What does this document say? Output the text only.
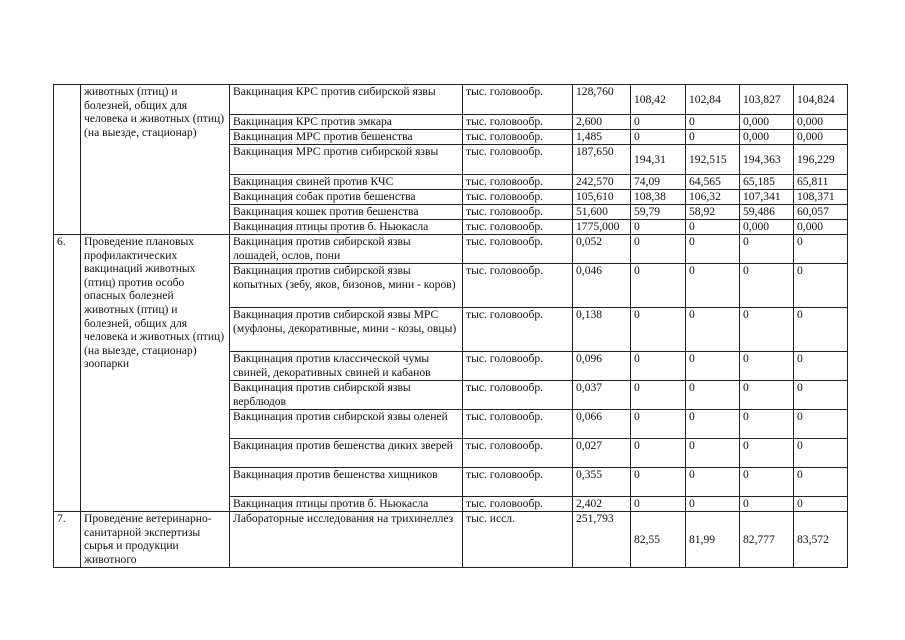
	животных (птиц) и болезней, общих для человека и животных (птиц) (на выезде, стационар)	Вакцинация КРС против сибирской язвы	тыс. головообр.	128,760	108,42	102,84	103,827	104,824
		Вакцинация КРС против эмкара	тыс. головообр.	2,600	0	0	0,000	0,000
		Вакцинация МРС против бешенства	тыс. головообр.	1,485	0	0	0,000	0,000
		Вакцинация МРС против сибирской язвы	тыс. головообр.	187,650	194,31	192,515	194,363	196,229
		Вакцинация свиней против КЧС	тыс. головообр.	242,570	74,09	64,565	65,185	65,811
		Вакцинация собак против бешенства	тыс. головообр.	105,610	108,38	106,32	107,341	108,371
		Вакцинация кошек против бешенства	тыс. головообр.	51,600	59,79	58,92	59,486	60,057
		Вакцинация птицы против б. Ньюкасла	тыс. головообр.	1775,000	0	0	0,000	0,000
6.	Проведение плановых профилактических вакцинаций животных (птиц) против особо опасных болезней животных (птиц) и болезней, общих для человека и животных (птиц) (на выезде, стационар) зоопарки	Вакцинация против сибирской язвы лошадей, ослов, пони	тыс. головообр.	0,052	0	0	0	0
		Вакцинация против сибирской язвы копытных (зебу, яков, бизонов, мини - коров)	тыс. головообр.	0,046	0	0	0	0
		Вакцинация против сибирской язвы МРС (муфлоны, декоративные, мини - козы, овцы)	тыс. головообр.	0,138	0	0	0	0
		Вакцинация против классической чумы свиней, декоративных свиней и кабанов	тыс. головообр.	0,096	0	0	0	0
		Вакцинация против сибирской язвы верблюдов	тыс. головообр.	0,037	0	0	0	0
		Вакцинация против сибирской язвы оленей	тыс. головообр.	0,066	0	0	0	0
		Вакцинация против бешенства диких зверей	тыс. головообр.	0,027	0	0	0	0
		Вакцинация против бешенства хищников	тыс. головообр.	0,355	0	0	0	0
		Вакцинация птицы против б. Ньюкасла	тыс. головообр.	2,402	0	0	0	0
7.	Проведение ветеринарно-санитарной экспертизы сырья и продукции животного	Лабораторные исследования на трихинеллез	тыс. иссл.	251,793	82,55	81,99	82,777	83,572
